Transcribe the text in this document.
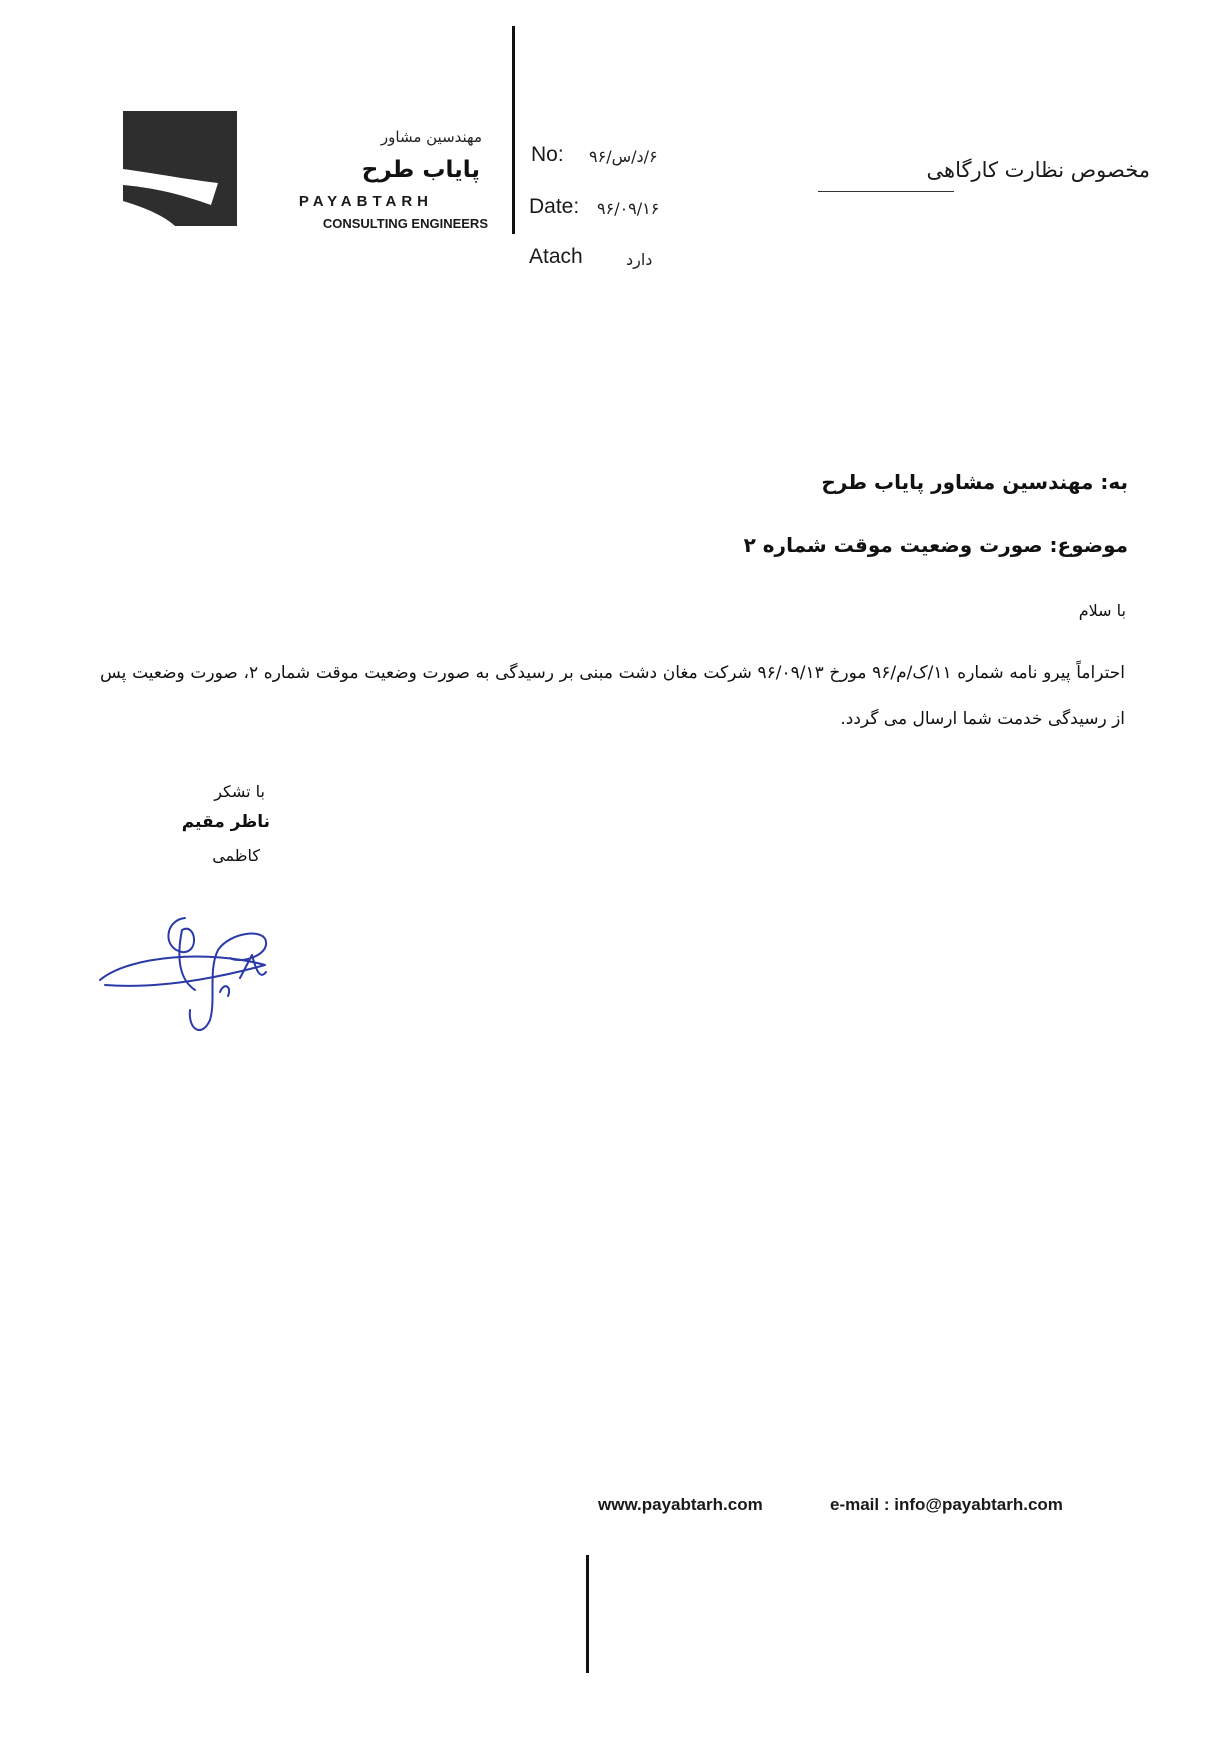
مهندسین مشاور
پایاب طرح
PAYABTARH
CONSULTING ENGINEERS
No: ۶/د/س/۹۶
Date: ۹۶/۰۹/۱۶
Atach	دارد
مخصوص نظارت کارگاهی
به: مهندسین مشاور پایاب طرح
موضوع: صورت وضعیت موقت شماره ۲
با سلام
احتراماً پیرو نامه شماره ۱۱/ک/م/۹۶ مورخ ۹۶/۰۹/۱۳ شرکت مغان دشت مبنی بر رسیدگی به صورت وضعیت موقت شماره ۲، صورت وضعیت پس از رسیدگی خدمت شما ارسال می گردد.
با تشکر
ناظر مقیم
کاظمی
www.payabtarh.com	e-mail : info@payabtarh.com
